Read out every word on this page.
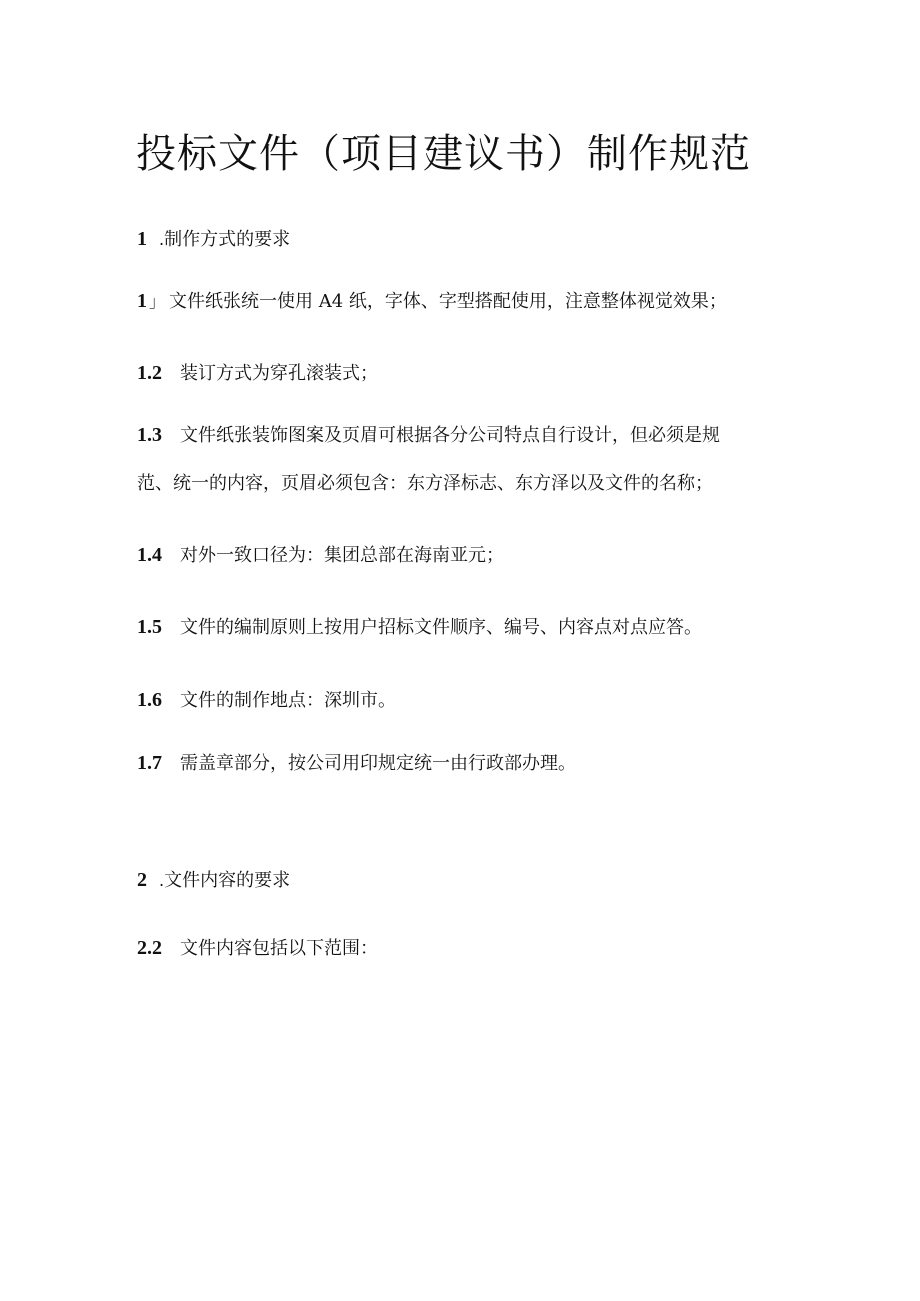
投标文件（项目建议书）制作规范

1 .制作方式的要求

1 」 文件纸张统一使用 A4 纸，字体、字型搭配使用，注意整体视觉效果；

1.2 装订方式为穿孔滚装式；

1.3 文件纸张装饰图案及页眉可根据各分公司特点自行设计，但必须是规

范、统一的内容，页眉必须包含：东方泽标志、东方泽以及文件的名称；

1.4 对外一致口径为：集团总部在海南亚元；

1.5 文件的编制原则上按用户招标文件顺序、编号、内容点对点应答。

1.6 文件的制作地点：深圳市。

1.7 需盖章部分，按公司用印规定统一由行政部办理。

2 .文件内容的要求

2.2 文件内容包括以下范围：
